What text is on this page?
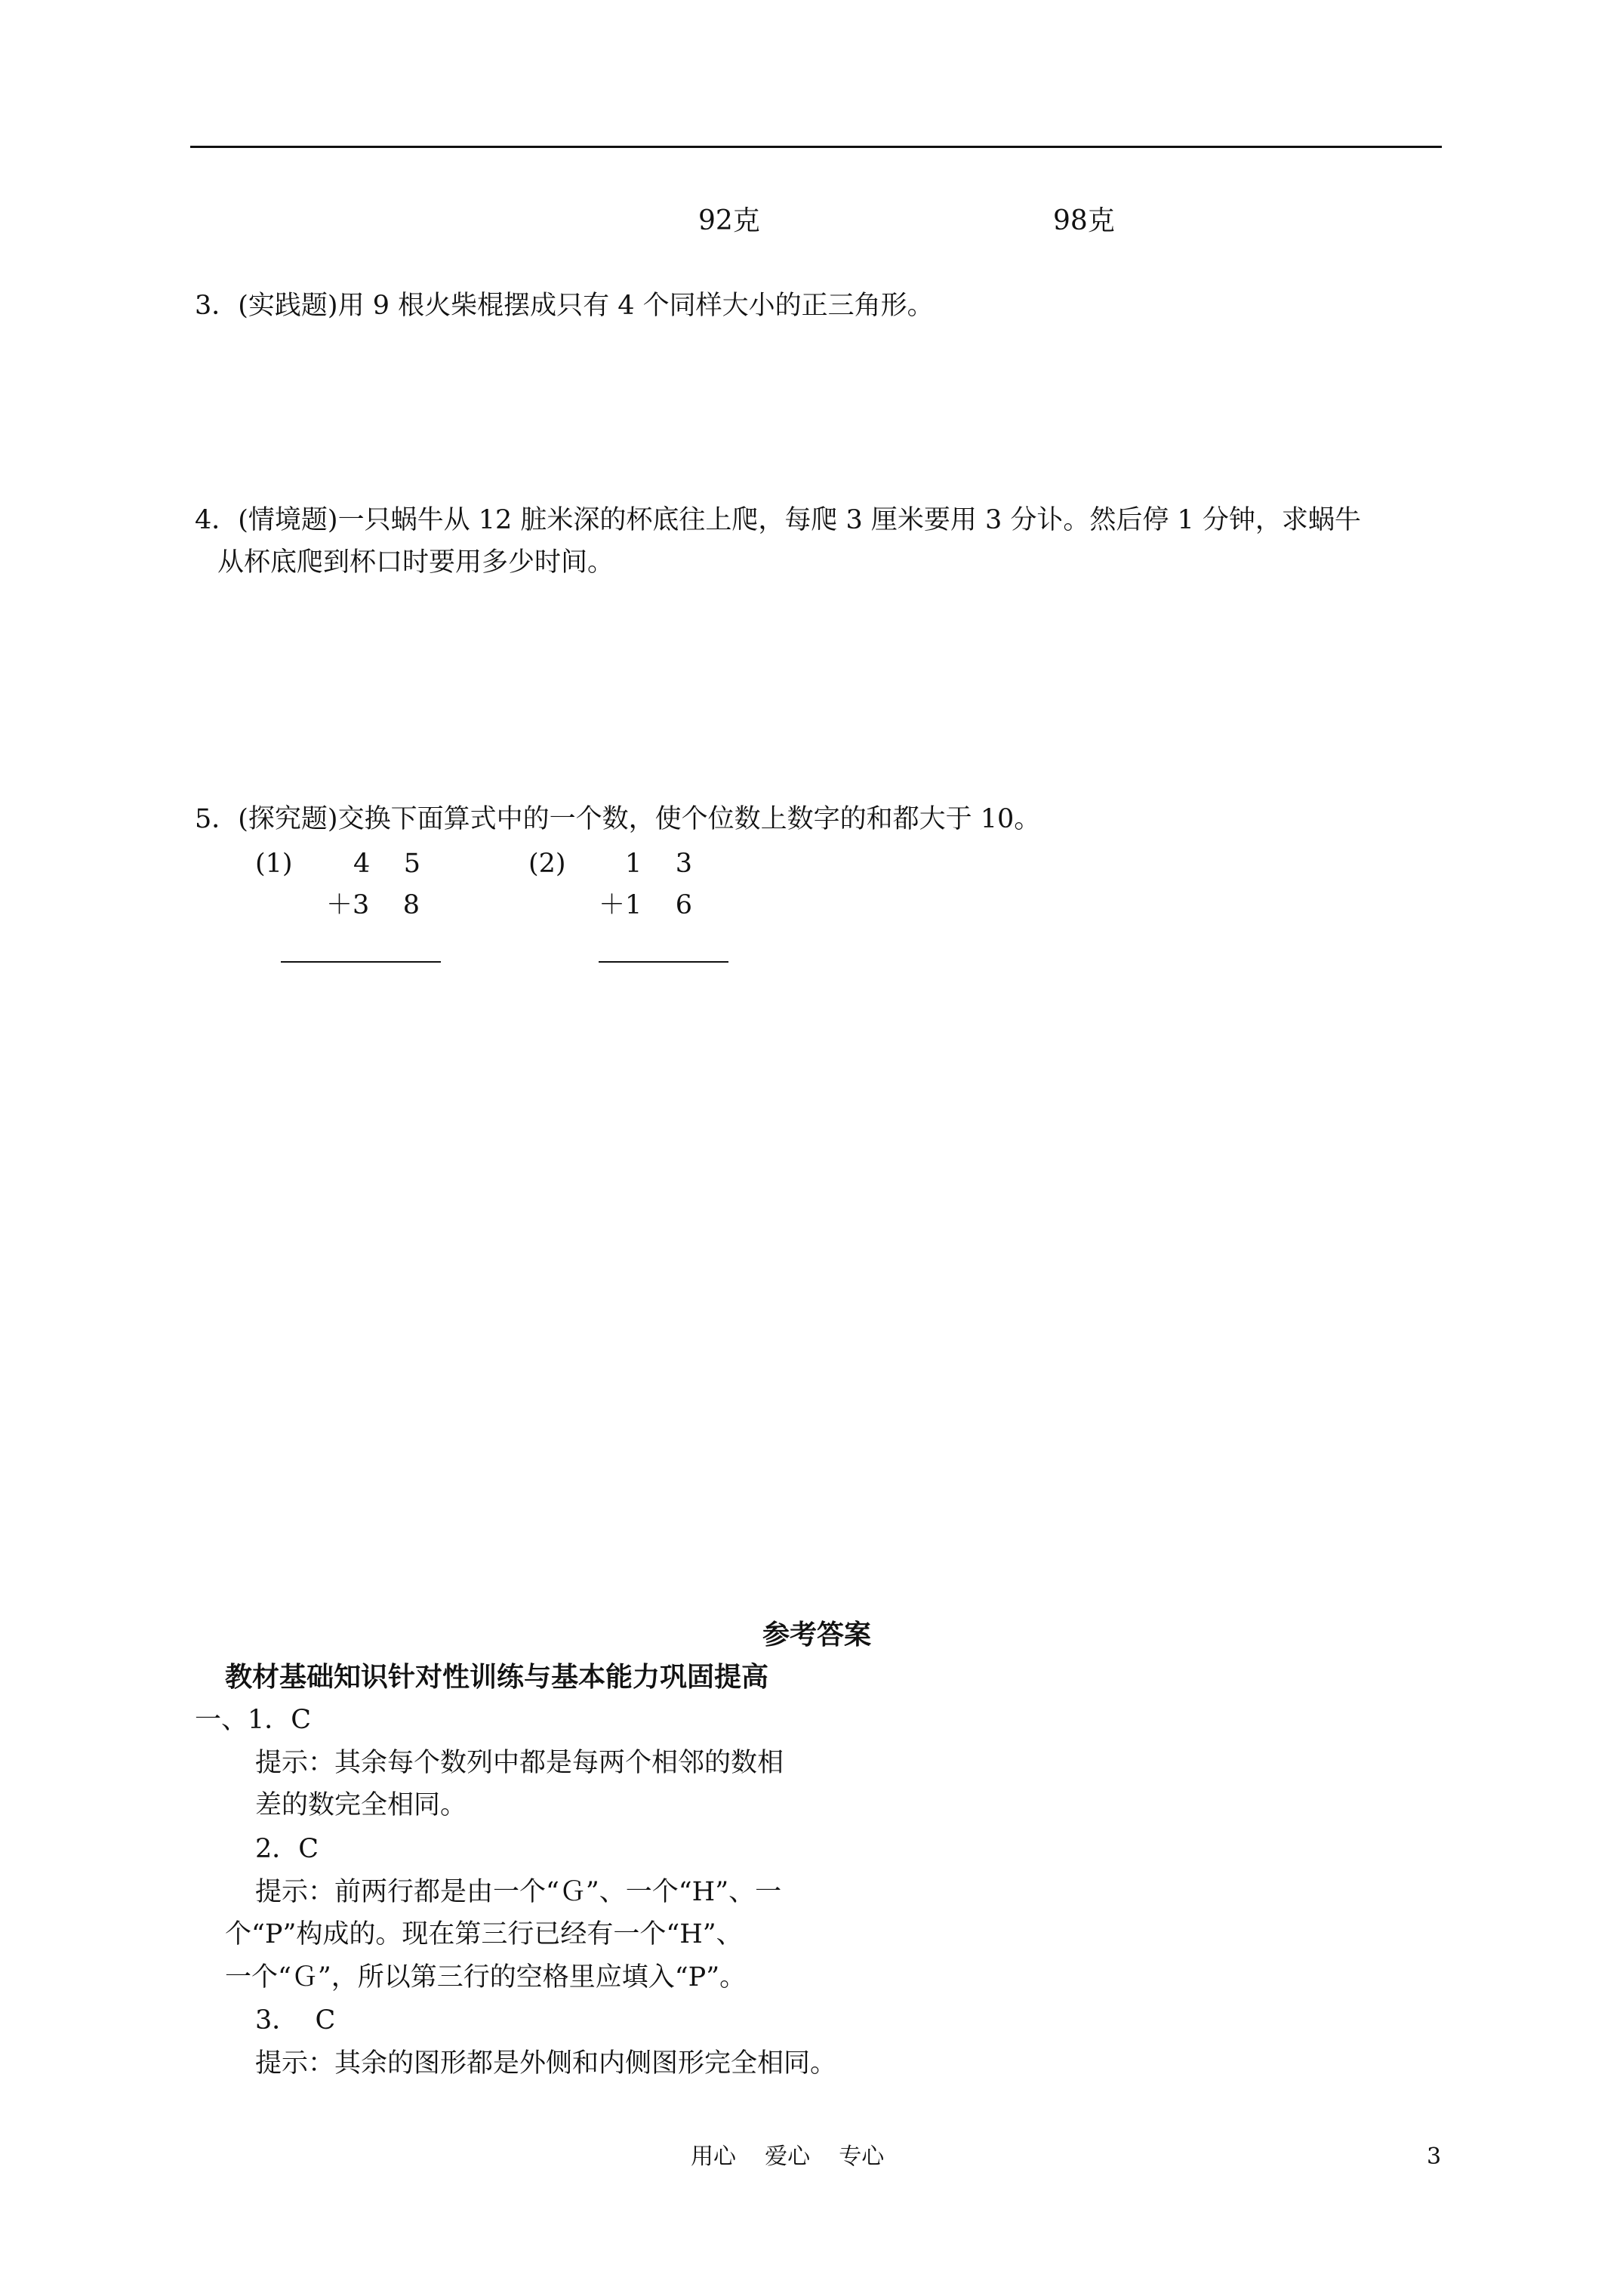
92克	98克
3．(实践题)用 9 根火柴棍摆成只有 4 个同样大小的正三角形。
4．(情境题)一只蜗牛从 12 脏米深的杯底往上爬，每爬 3 厘米要用 3 分讣。然后停 1 分钟，求蜗牛
从杯底爬到杯口时要用多少时间。
5．(探究题)交换下面算式中的一个数，使个位数上数字的和都大于 10。
(1) 4    5
＋3    8
(2) 1    3
＋1    6
参考答案
教材基础知识针对性训练与基本能力巩固提高
一、1．C
提示：其余每个数列中都是每两个相邻的数相
差的数完全相同。
2．C
提示：前两行都是由一个“Ｇ”、一个“H”、一
个“P”构成的。现在第三行已经有一个“H”、
一个“Ｇ”，所以第三行的空格里应填入“P”。
3．  C
提示：其余的图形都是外侧和内侧图形完全相同。
用心    爱心    专心	3
